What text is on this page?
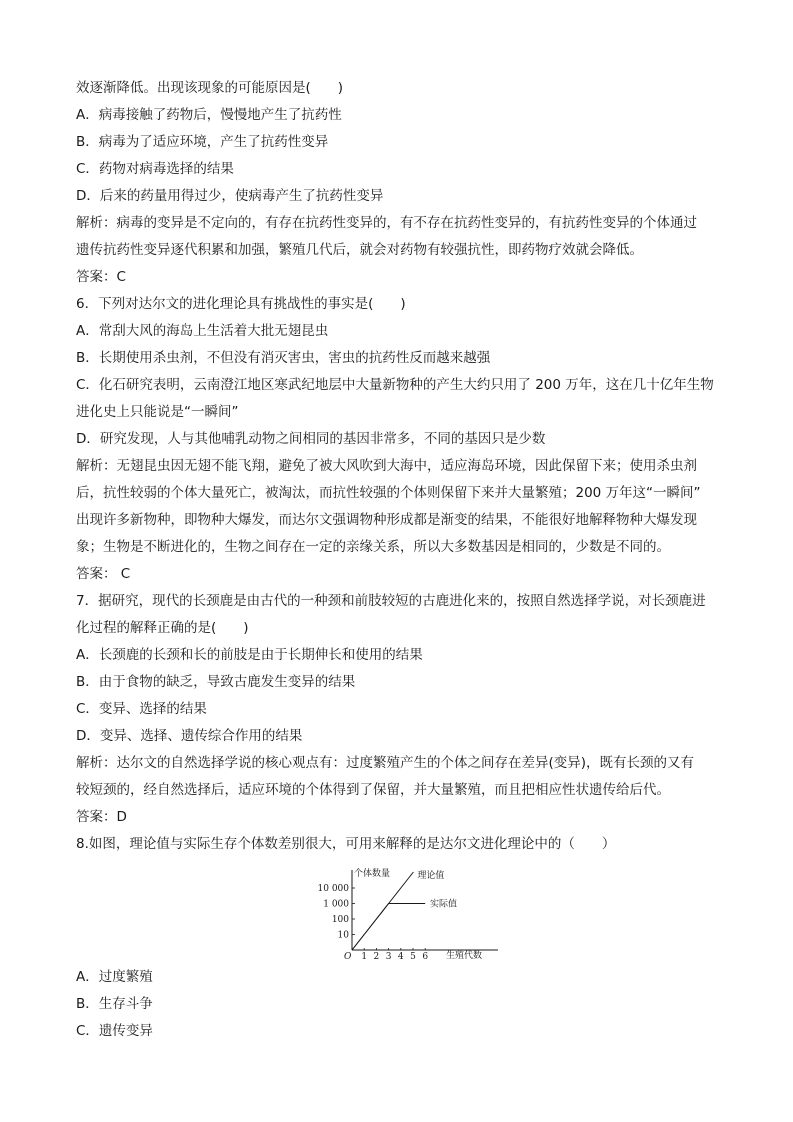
效逐渐降低。出现该现象的可能原因是(　　)
A．病毒接触了药物后，慢慢地产生了抗药性
B．病毒为了适应环境，产生了抗药性变异
C．药物对病毒选择的结果
D．后来的药量用得过少，使病毒产生了抗药性变异
解析：病毒的变异是不定向的，有存在抗药性变异的，有不存在抗药性变异的，有抗药性变异的个体通过
遗传抗药性变异逐代积累和加强，繁殖几代后，就会对药物有较强抗性，即药物疗效就会降低。
答案：C
6．下列对达尔文的进化理论具有挑战性的事实是(　　)
A．常刮大风的海岛上生活着大批无翅昆虫
B．长期使用杀虫剂，不但没有消灭害虫，害虫的抗药性反而越来越强
C．化石研究表明，云南澄江地区寒武纪地层中大量新物种的产生大约只用了 200 万年，这在几十亿年生物
进化史上只能说是“一瞬间”
D．研究发现，人与其他哺乳动物之间相同的基因非常多，不同的基因只是少数
解析：无翅昆虫因无翅不能飞翔，避免了被大风吹到大海中，适应海岛环境，因此保留下来；使用杀虫剂
后，抗性较弱的个体大量死亡，被淘汰，而抗性较强的个体则保留下来并大量繁殖；200 万年这“一瞬间”
出现许多新物种，即物种大爆发，而达尔文强调物种形成都是渐变的结果，不能很好地解释物种大爆发现
象；生物是不断进化的，生物之间存在一定的亲缘关系，所以大多数基因是相同的，少数是不同的。
答案： C
7．据研究，现代的长颈鹿是由古代的一种颈和前肢较短的古鹿进化来的，按照自然选择学说，对长颈鹿进
化过程的解释正确的是(　　)
A．长颈鹿的长颈和长的前肢是由于长期伸长和使用的结果
B．由于食物的缺乏，导致古鹿发生变异的结果
C．变异、选择的结果
D．变异、选择、遗传综合作用的结果
解析：达尔文的自然选择学说的核心观点有：过度繁殖产生的个体之间存在差异(变异)，既有长颈的又有
较短颈的，经自然选择后，适应环境的个体得到了保留，并大量繁殖，而且把相应性状遗传给后代。
答案：D
8.如图，理论值与实际生存个体数差别很大，可用来解释的是达尔文进化理论中的（　　）
1 2 3 4 5 6
10
100
1 000
10 000
O
个体数量
生殖代数
理论值
实际值
A．过度繁殖
B．生存斗争
C．遗传变异
